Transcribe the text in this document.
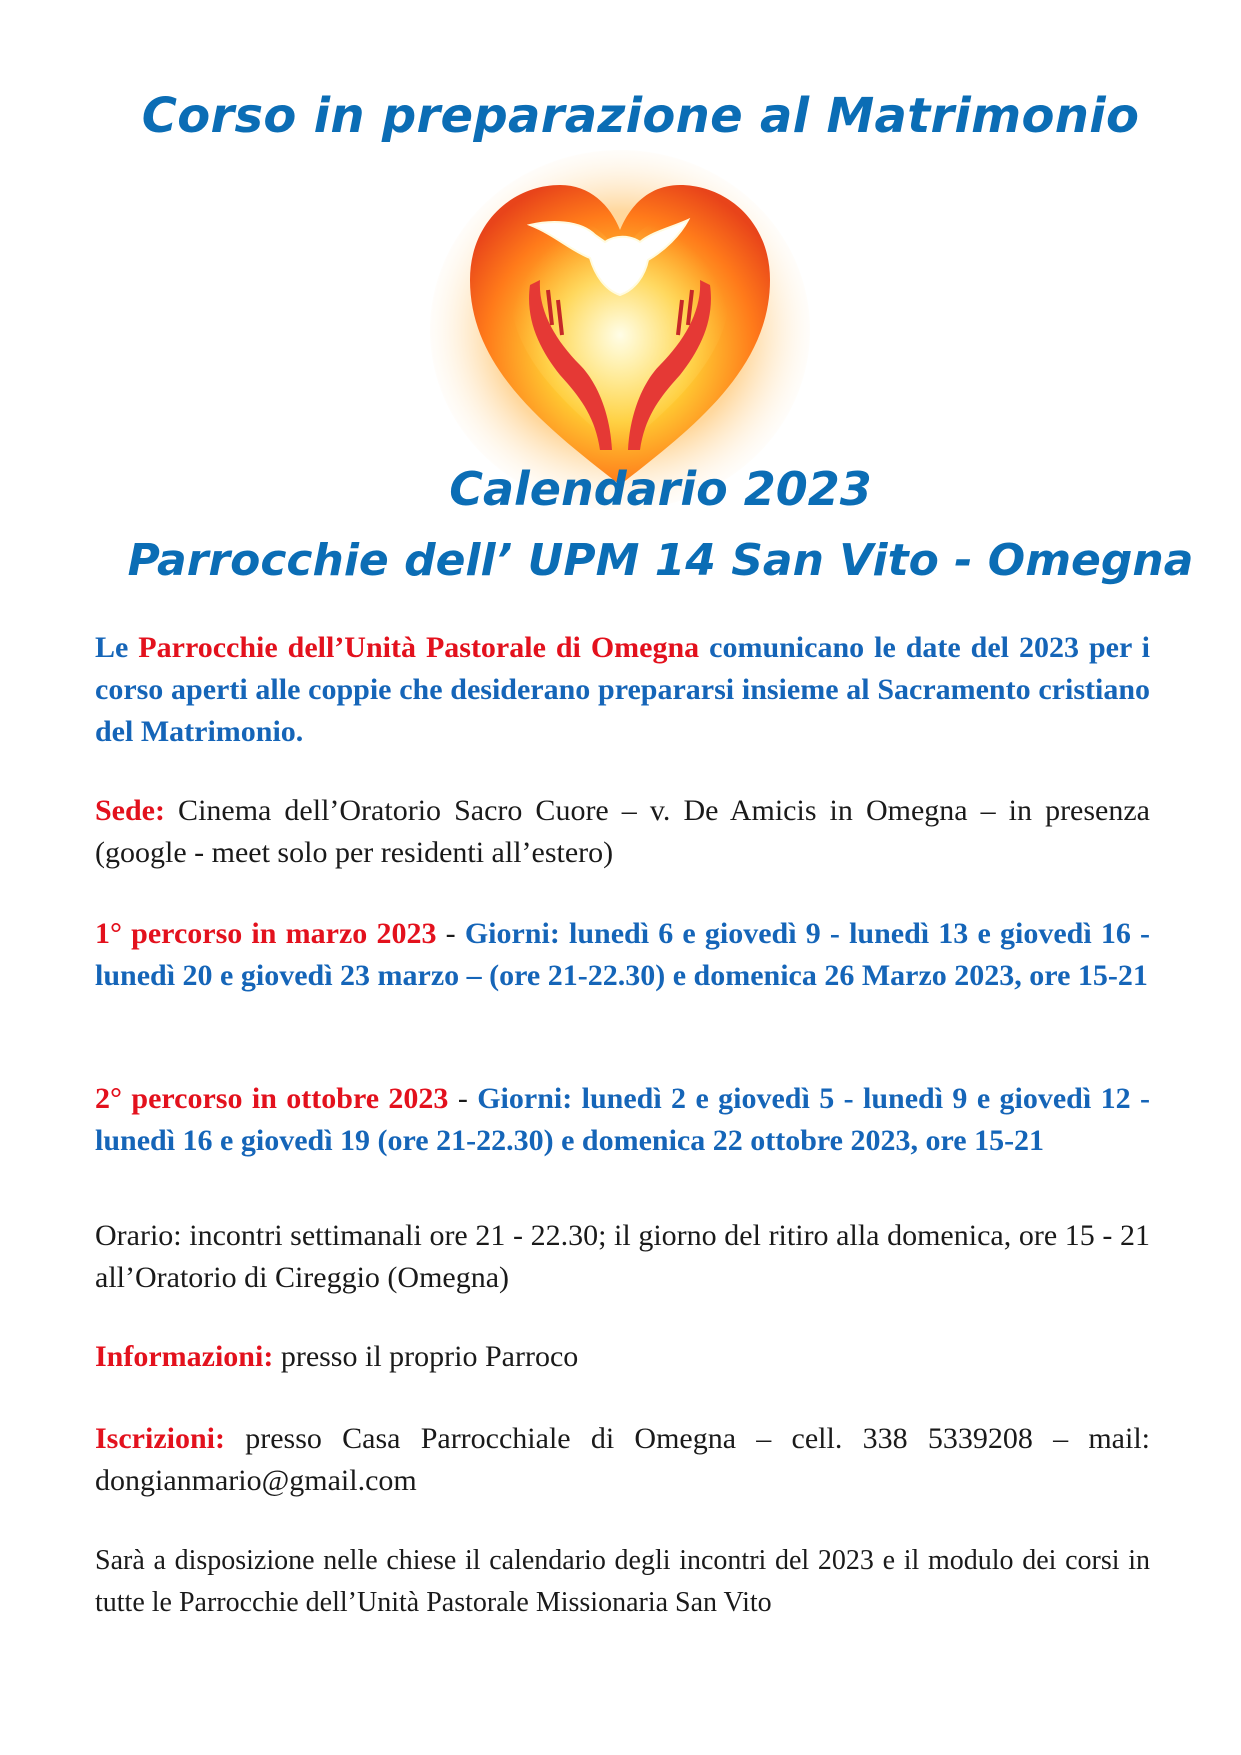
Corso in preparazione al Matrimonio
Calendario 2023
Parrocchie dell’ UPM 14 San Vito - Omegna

Le Parrocchie dell’Unità Pastorale di Omegna comunicano le date del 2023 per i corso aperti alle coppie che desiderano prepararsi insieme al Sacramento cristiano del Matrimonio.

Sede: Cinema dell’Oratorio Sacro Cuore – v. De Amicis in Omegna – in presenza (google - meet solo per residenti all’estero)

1° percorso in marzo 2023 - Giorni: lunedì 6 e giovedì 9 - lunedì 13 e giovedì 16 - lunedì 20 e giovedì 23 marzo – (ore 21-22.30) e domenica 26 Marzo 2023, ore 15-21

2° percorso in ottobre 2023 - Giorni: lunedì 2 e giovedì 5 - lunedì 9 e giovedì 12 - lunedì 16 e giovedì 19 (ore 21-22.30) e domenica 22 ottobre 2023, ore 15-21

Orario: incontri settimanali ore 21 - 22.30; il giorno del ritiro alla domenica, ore 15 - 21 all’Oratorio di Cireggio (Omegna)

Informazioni: presso il proprio Parroco

Iscrizioni: presso Casa Parrocchiale di Omegna – cell. 338 5339208 – mail: dongianmario@gmail.com

Sarà a disposizione nelle chiese il calendario degli incontri del 2023 e il modulo dei corsi in tutte le Parrocchie dell’Unità Pastorale Missionaria San Vito
